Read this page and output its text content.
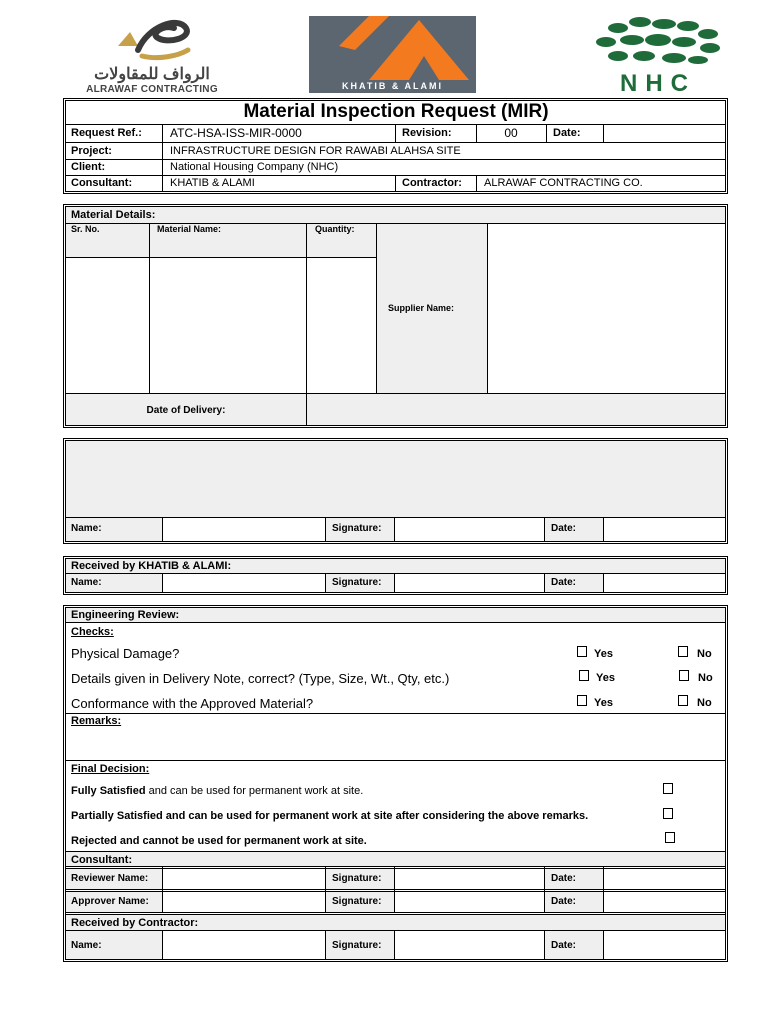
الرواف للمقاولات
ALRAWAF CONTRACTING	KHATIB & ALAMI	NHC
Material Inspection Request (MIR)
Request Ref.: ATC-HSA-ISS-MIR-0000	Revision:	00	Date:
Project:	INFRASTRUCTURE DESIGN FOR RAWABI ALAHSA SITE
Client:	National Housing Company (NHC)
Consultant:	KHATIB & ALAMI	Contractor: ALRAWAF CONTRACTING CO.
Material Details:
Sr. No.	Material Name:	Quantity:
Supplier Name:
Date of Delivery:
Name:	Signature:	Date:
Received by KHATIB & ALAMI:
Name:	Signature:	Date:
Engineering Review:
Checks:
Physical Damage?	Yes	No
Details given in Delivery Note, correct? (Type, Size, Wt., Qty, etc.)	Yes	No
Conformance with the Approved Material?	Yes	No
Remarks:
Final Decision:
Fully Satisfied and can be used for permanent work at site.
Partially Satisfied and can be used for permanent work at site after considering the above remarks.
Rejected and cannot be used for permanent work at site.
Consultant:
Reviewer Name:	Signature:	Date:
Approver Name:	Signature:	Date:
Received by Contractor:
Name:	Signature:	Date:
